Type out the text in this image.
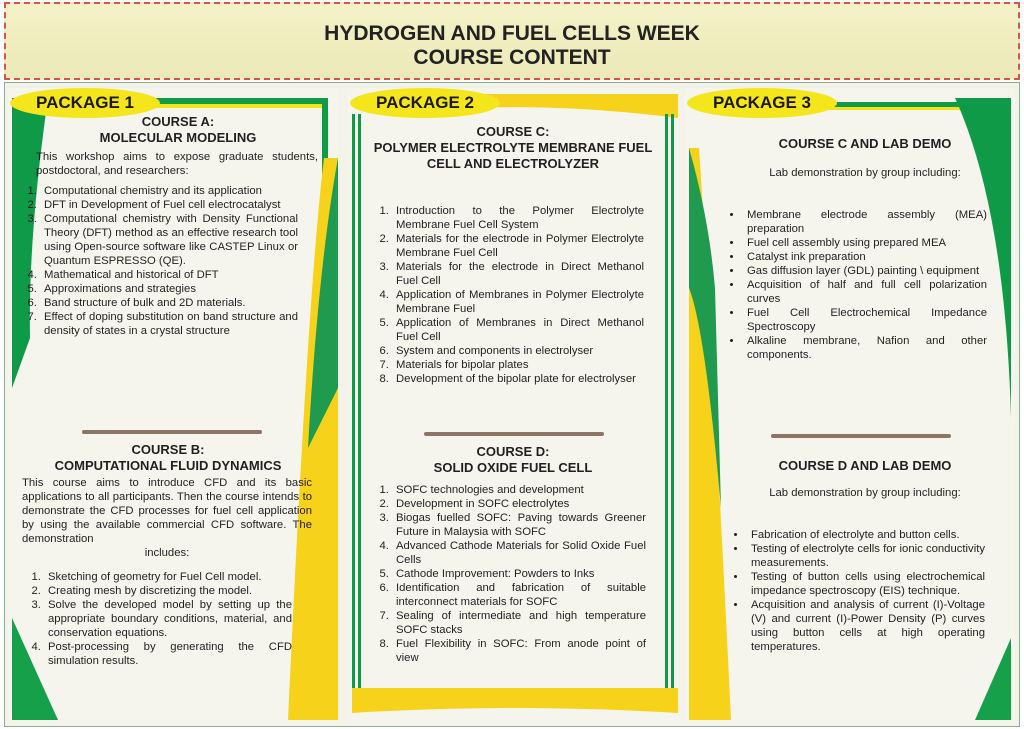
HYDROGEN AND FUEL CELLS WEEK
COURSE CONTENT
PACKAGE 1
COURSE A:
MOLECULAR MODELING
This workshop aims to expose graduate students, postdoctoral, and researchers:
1. Computational chemistry and its application
2. DFT in Development of Fuel cell electrocatalyst
3. Computational chemistry with Density Functional Theory (DFT) method as an effective research tool using Open-source software like CASTEP Linux or Quantum ESPRESSO (QE).
4. Mathematical and historical of DFT
5. Approximations and strategies
6. Band structure of bulk and 2D materials.
7. Effect of doping substitution on band structure and density of states in a crystal structure
COURSE B:
COMPUTATIONAL FLUID DYNAMICS
This course aims to introduce CFD and its basic applications to all participants. Then the course intends to demonstrate the CFD processes for fuel cell application by using the available commercial CFD software. The demonstration
includes:
1. Sketching of geometry for Fuel Cell model.
2. Creating mesh by discretizing the model.
3. Solve the developed model by setting up the appropriate boundary conditions, material, and conservation equations.
4. Post-processing by generating the CFD simulation results.
PACKAGE 2
COURSE C:
POLYMER ELECTROLYTE MEMBRANE FUEL CELL AND ELECTROLYZER
1. Introduction to the Polymer Electrolyte Membrane Fuel Cell System
2. Materials for the electrode in Polymer Electrolyte Membrane Fuel Cell
3. Materials for the electrode in Direct Methanol Fuel Cell
4. Application of Membranes in Polymer Electrolyte Membrane Fuel
5. Application of Membranes in Direct Methanol Fuel Cell
6. System and components in electrolyser
7. Materials for bipolar plates
8. Development of the bipolar plate for electrolyser
COURSE D:
SOLID OXIDE FUEL CELL
1. SOFC technologies and development
2. Development in SOFC electrolytes
3. Biogas fuelled SOFC: Paving towards Greener Future in Malaysia with SOFC
4. Advanced Cathode Materials for Solid Oxide Fuel Cells
5. Cathode Improvement: Powders to Inks
6. Identification and fabrication of suitable interconnect materials for SOFC
7. Sealing of intermediate and high temperature SOFC stacks
8. Fuel Flexibility in SOFC: From anode point of view
PACKAGE 3
COURSE C AND LAB DEMO
Lab demonstration by group including:
• Membrane electrode assembly (MEA) preparation
• Fuel cell assembly using prepared MEA
• Catalyst ink preparation
• Gas diffusion layer (GDL) painting \ equipment
• Acquisition of half and full cell polarization curves
• Fuel Cell Electrochemical Impedance Spectroscopy
• Alkaline membrane, Nafion and other components.
COURSE D AND LAB DEMO
Lab demonstration by group including:
• Fabrication of electrolyte and button cells.
• Testing of electrolyte cells for ionic conductivity measurements.
• Testing of button cells using electrochemical impedance spectroscopy (EIS) technique.
• Acquisition and analysis of current (I)-Voltage (V) and current (I)-Power Density (P) curves using button cells at high operating temperatures.
